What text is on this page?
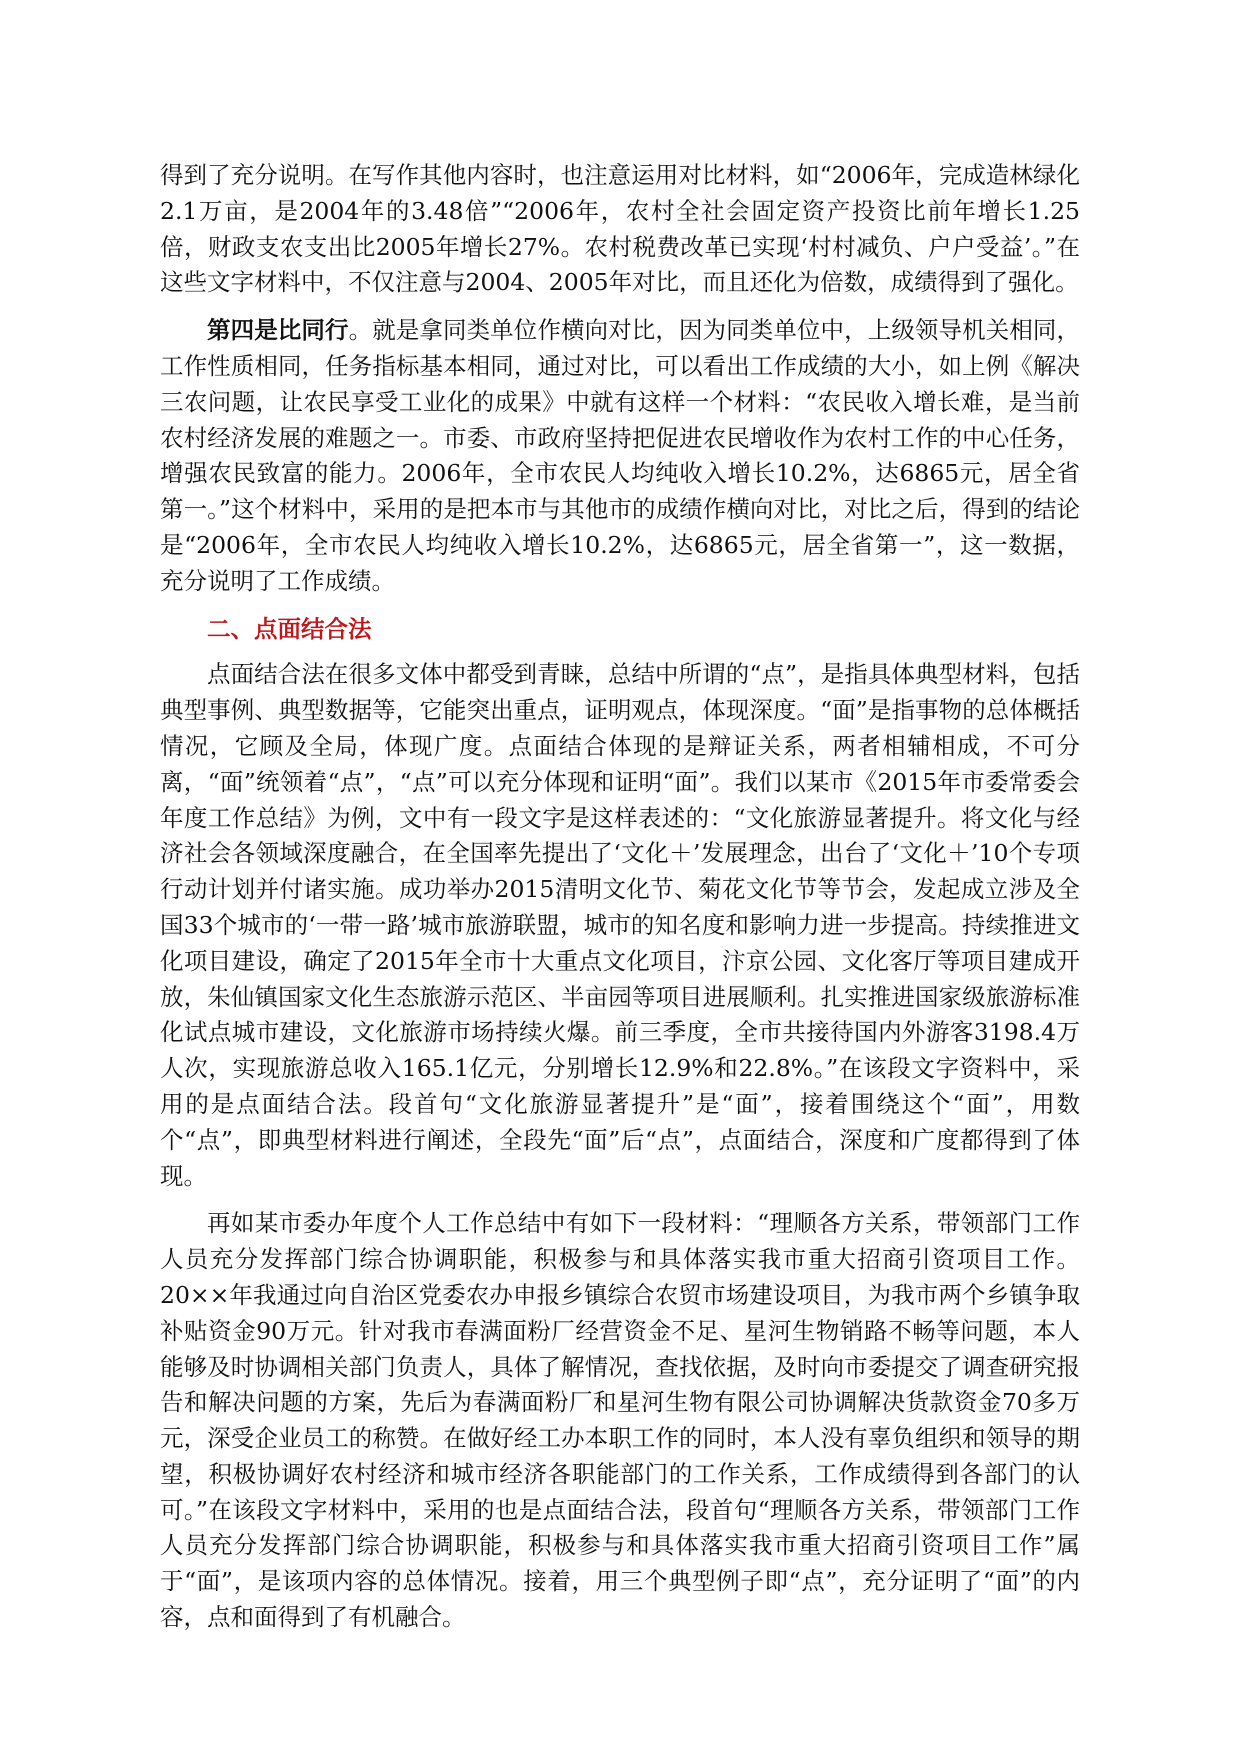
得到了充分说明。在写作其他内容时，也注意运用对比材料，如“2006年，完成造林绿化2.1万亩，是2004年的3.48倍”“2006年，农村全社会固定资产投资比前年增长1.25倍，财政支农支出比2005年增长27%。农村税费改革已实现‘村村减负、户户受益’。”在这些文字材料中，不仅注意与2004、2005年对比，而且还化为倍数，成绩得到了强化。

第四是比同行。就是拿同类单位作横向对比，因为同类单位中，上级领导机关相同，工作性质相同，任务指标基本相同，通过对比，可以看出工作成绩的大小，如上例《解决三农问题，让农民享受工业化的成果》中就有这样一个材料：“农民收入增长难，是当前农村经济发展的难题之一。市委、市政府坚持把促进农民增收作为农村工作的中心任务，增强农民致富的能力。2006年，全市农民人均纯收入增长10.2%，达6865元，居全省第一。”这个材料中，采用的是把本市与其他市的成绩作横向对比，对比之后，得到的结论是“2006年，全市农民人均纯收入增长10.2%，达6865元，居全省第一”，这一数据，充分说明了工作成绩。

二、点面结合法

点面结合法在很多文体中都受到青睐，总结中所谓的“点”，是指具体典型材料，包括典型事例、典型数据等，它能突出重点，证明观点，体现深度。“面”是指事物的总体概括情况，它顾及全局，体现广度。点面结合体现的是辩证关系，两者相辅相成，不可分离，“面”统领着“点”，“点”可以充分体现和证明“面”。我们以某市《2015年市委常委会年度工作总结》为例，文中有一段文字是这样表述的：“文化旅游显著提升。将文化与经济社会各领域深度融合，在全国率先提出了‘文化＋’发展理念，出台了‘文化＋’10个专项行动计划并付诸实施。成功举办2015清明文化节、菊花文化节等节会，发起成立涉及全国33个城市的‘一带一路’城市旅游联盟，城市的知名度和影响力进一步提高。持续推进文化项目建设，确定了2015年全市十大重点文化项目，汴京公园、文化客厅等项目建成开放，朱仙镇国家文化生态旅游示范区、半亩园等项目进展顺利。扎实推进国家级旅游标准化试点城市建设，文化旅游市场持续火爆。前三季度，全市共接待国内外游客3198.4万人次，实现旅游总收入165.1亿元，分别增长12.9%和22.8%。”在该段文字资料中，采用的是点面结合法。段首句“文化旅游显著提升”是“面”，接着围绕这个“面”，用数个“点”，即典型材料进行阐述，全段先“面”后“点”，点面结合，深度和广度都得到了体现。

再如某市委办年度个人工作总结中有如下一段材料：“理顺各方关系，带领部门工作人员充分发挥部门综合协调职能，积极参与和具体落实我市重大招商引资项目工作。20××年我通过向自治区党委农办申报乡镇综合农贸市场建设项目，为我市两个乡镇争取补贴资金90万元。针对我市春满面粉厂经营资金不足、星河生物销路不畅等问题，本人能够及时协调相关部门负责人，具体了解情况，查找依据，及时向市委提交了调查研究报告和解决问题的方案，先后为春满面粉厂和星河生物有限公司协调解决货款资金70多万元，深受企业员工的称赞。在做好经工办本职工作的同时，本人没有辜负组织和领导的期望，积极协调好农村经济和城市经济各职能部门的工作关系，工作成绩得到各部门的认可。”在该段文字材料中，采用的也是点面结合法，段首句“理顺各方关系，带领部门工作人员充分发挥部门综合协调职能，积极参与和具体落实我市重大招商引资项目工作”属于“面”，是该项内容的总体情况。接着，用三个典型例子即“点”，充分证明了“面”的内容，点和面得到了有机融合。
